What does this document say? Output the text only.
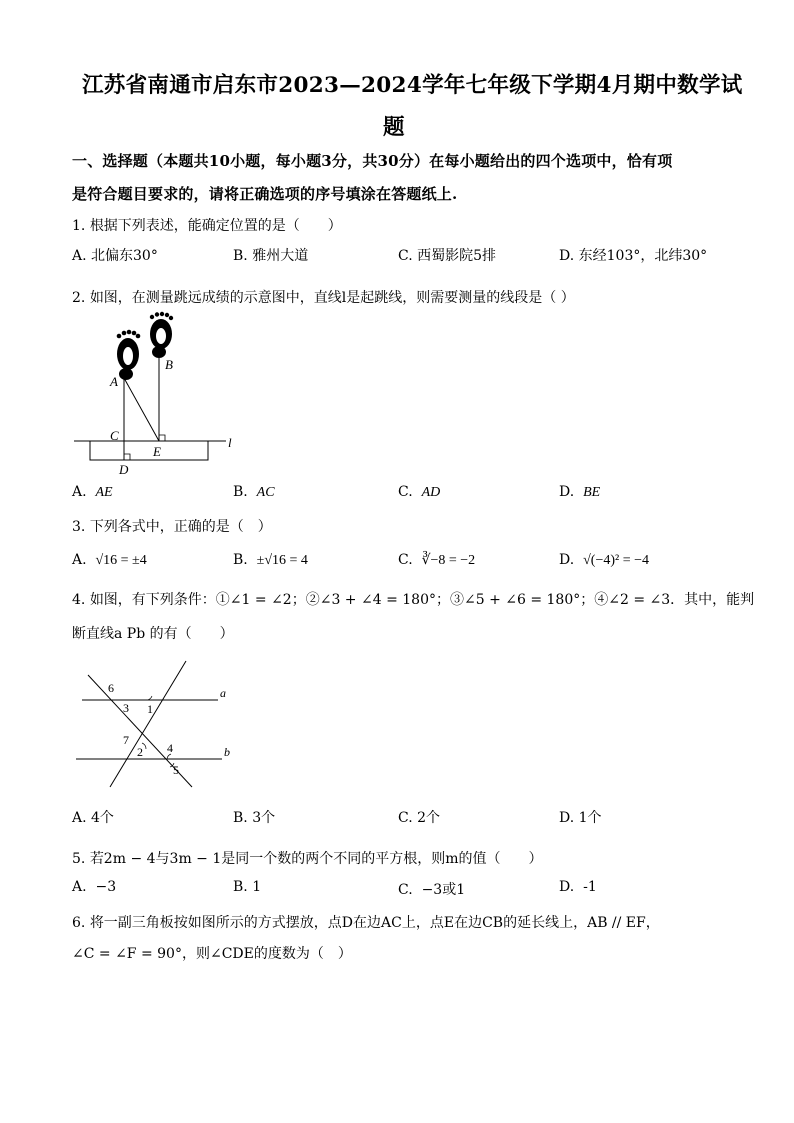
江苏省南通市启东市2023—2024学年七年级下学期4月期中数学试
题
一、选择题（本题共10小题，每小题3分，共30分）在每小题给出的四个选项中，恰有项
是符合题目要求的，请将正确选项的序号填涂在答题纸上.
1. 根据下列表述，能确定位置的是（　　）
A. 北偏东30°	B. 雅州大道	C. 西蜀影院5排	D. 东经103°，北纬30°
2. 如图，在测量跳远成绩的示意图中，直线l是起跳线，则需要测量的线段是（ ）
A
B
C
D
E
l
A. AE	B. AC	C. AD	D. BE
3. 下列各式中，正确的是（　）
A. √16 = ±4	B. ±√16 = 4	C. ∛−8 = −2	D. √(−4)² = −4
4. 如图，有下列条件：①∠1 = ∠2；②∠3 + ∠4 = 180°；③∠5 + ∠6 = 180°；④∠2 = ∠3．其中，能判
断直线a Pb 的有（　　）
6
3 1
7
2 4
5
a
b
A. 4个	B. 3个	C. 2个	D. 1个
5. 若2m − 4与3m − 1是同一个数的两个不同的平方根，则m的值（　　）
A. −3	B. 1	C. −3或1	D. -1
6. 将一副三角板按如图所示的方式摆放，点D在边AC上，点E在边CB的延长线上，AB // EF，
∠C = ∠F = 90°，则∠CDE的度数为（　）
